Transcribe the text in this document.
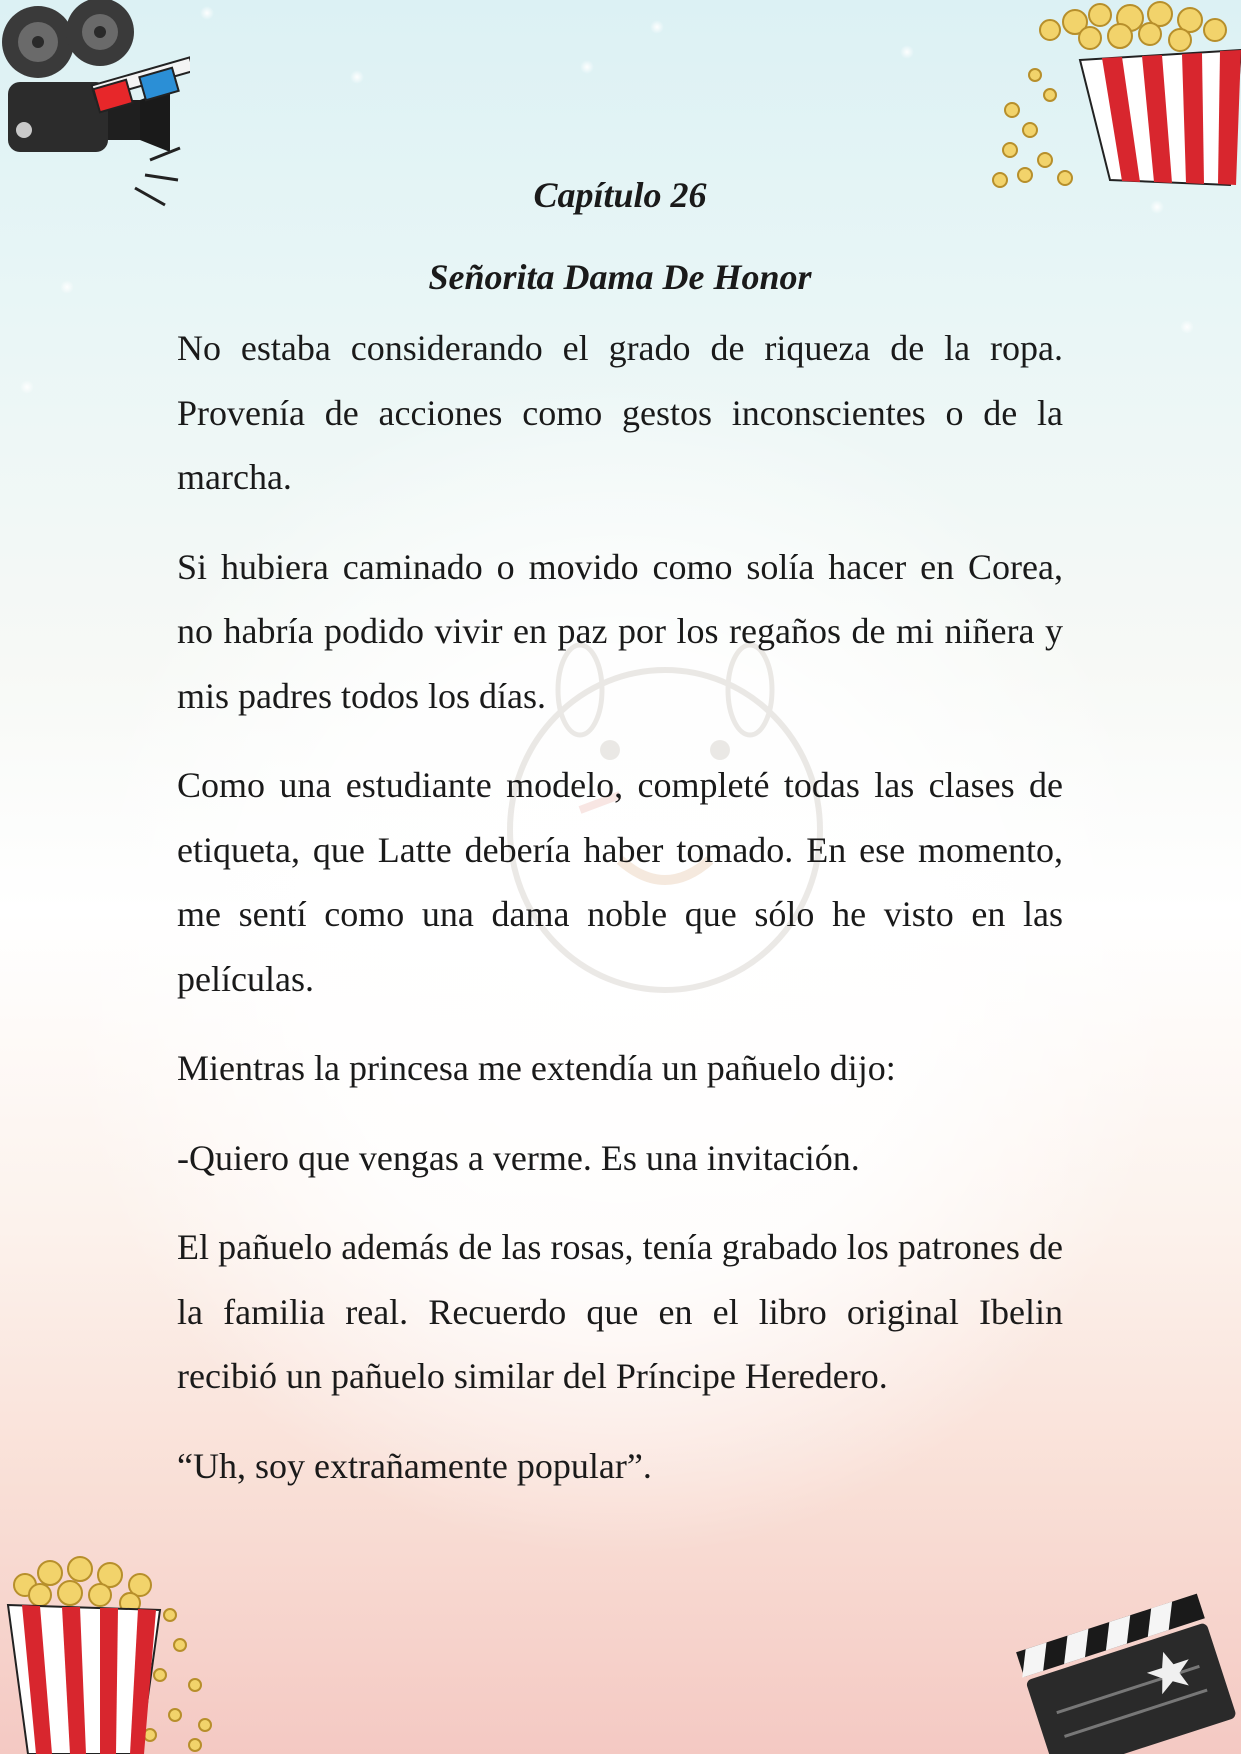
Capítulo 26
Señorita Dama De Honor

No estaba considerando el grado de riqueza de la ropa. Provenía de acciones como gestos inconscientes o de la marcha.

Si hubiera caminado o movido como solía hacer en Corea, no habría podido vivir en paz por los regaños de mi niñera y mis padres todos los días.

Como una estudiante modelo, completé todas las clases de etiqueta, que Latte debería haber tomado. En ese momento, me sentí como una dama noble que sólo he visto en las películas.

Mientras la princesa me extendía un pañuelo dijo:

-Quiero que vengas a verme. Es una invitación.

El pañuelo además de las rosas, tenía grabado los patrones de la familia real. Recuerdo que en el libro original Ibelin recibió un pañuelo similar del Príncipe Heredero.

“Uh, soy extrañamente popular”.
